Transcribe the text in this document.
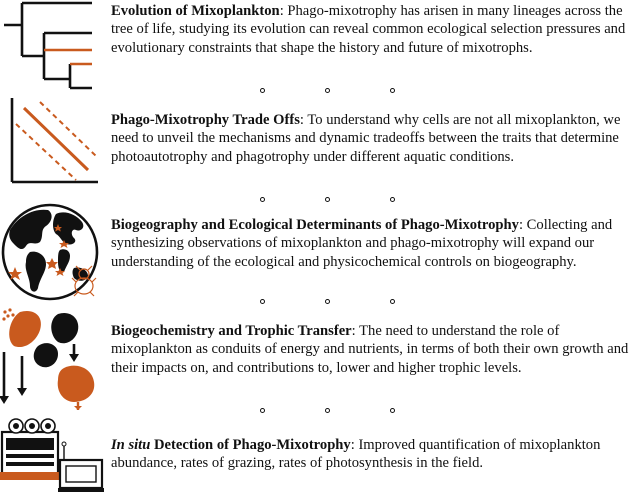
Evolution of Mixoplankton: Phago-mixotrophy has arisen in many lineages across the tree of life, studying its evolution can reveal common ecological selection pressures and evolutionary constraints that shape the history and future of mixotrophs.

Phago-Mixotrophy Trade Offs: To understand why cells are not all mixoplankton, we need to unveil the mechanisms and dynamic tradeoffs between the traits that determine photoautotrophy and phagotrophy under different aquatic conditions.

Biogeography and Ecological Determinants of Phago-Mixotrophy: Collecting and synthesizing observations of mixoplankton and phago-mixotrophy will expand our understanding of the ecological and physicochemical controls on biogeography.

Biogeochemistry and Trophic Transfer: The need to understand the role of mixoplankton as conduits of energy and nutrients, in terms of both their own growth and their impacts on, and contributions to, lower and higher trophic levels.

In situ Detection of Phago-Mixotrophy: Improved quantification of mixoplankton abundance, rates of grazing, rates of photosynthesis in the field.
